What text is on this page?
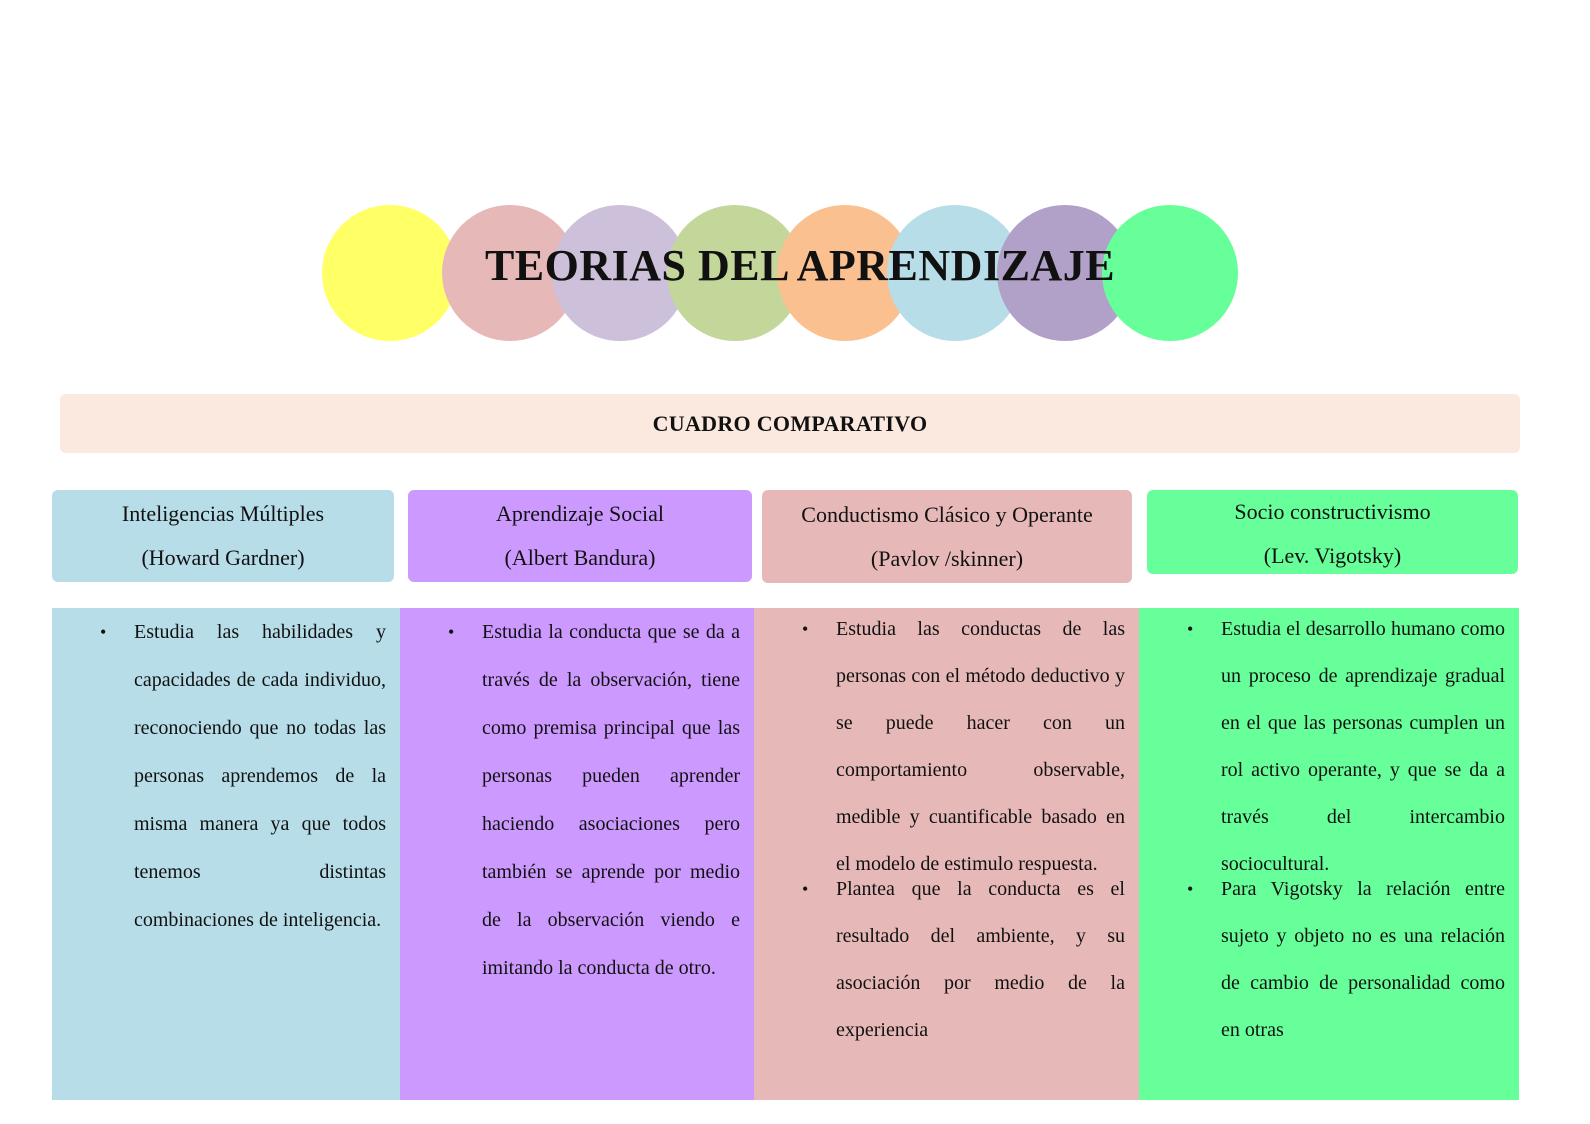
TEORIAS DEL APRENDIZAJE
CUADRO COMPARATIVO
Inteligencias Múltiples
(Howard Gardner)
Aprendizaje Social
(Albert Bandura)
Conductismo Clásico y Operante
(Pavlov /skinner)
Socio constructivismo
(Lev. Vigotsky)
• Estudia las habilidades y capacidades de cada individuo, reconociendo que no todas las personas aprendemos de la misma manera ya que todos tenemos distintas combinaciones de inteligencia.
• Estudia la conducta que se da a través de la observación, tiene como premisa principal que las personas pueden aprender haciendo asociaciones pero también se aprende por medio de la observación viendo e imitando la conducta de otro.
• Estudia las conductas de las personas con el método deductivo y se puede hacer con un comportamiento observable, medible y cuantificable basado en el modelo de estimulo respuesta.
• Plantea que la conducta es el resultado del ambiente, y su asociación por medio de la experiencia
• Estudia el desarrollo humano como un proceso de aprendizaje gradual en el que las personas cumplen un rol activo operante, y que se da a través del intercambio sociocultural.
• Para Vigotsky la relación entre sujeto y objeto no es una relación de cambio de personalidad como en otras
